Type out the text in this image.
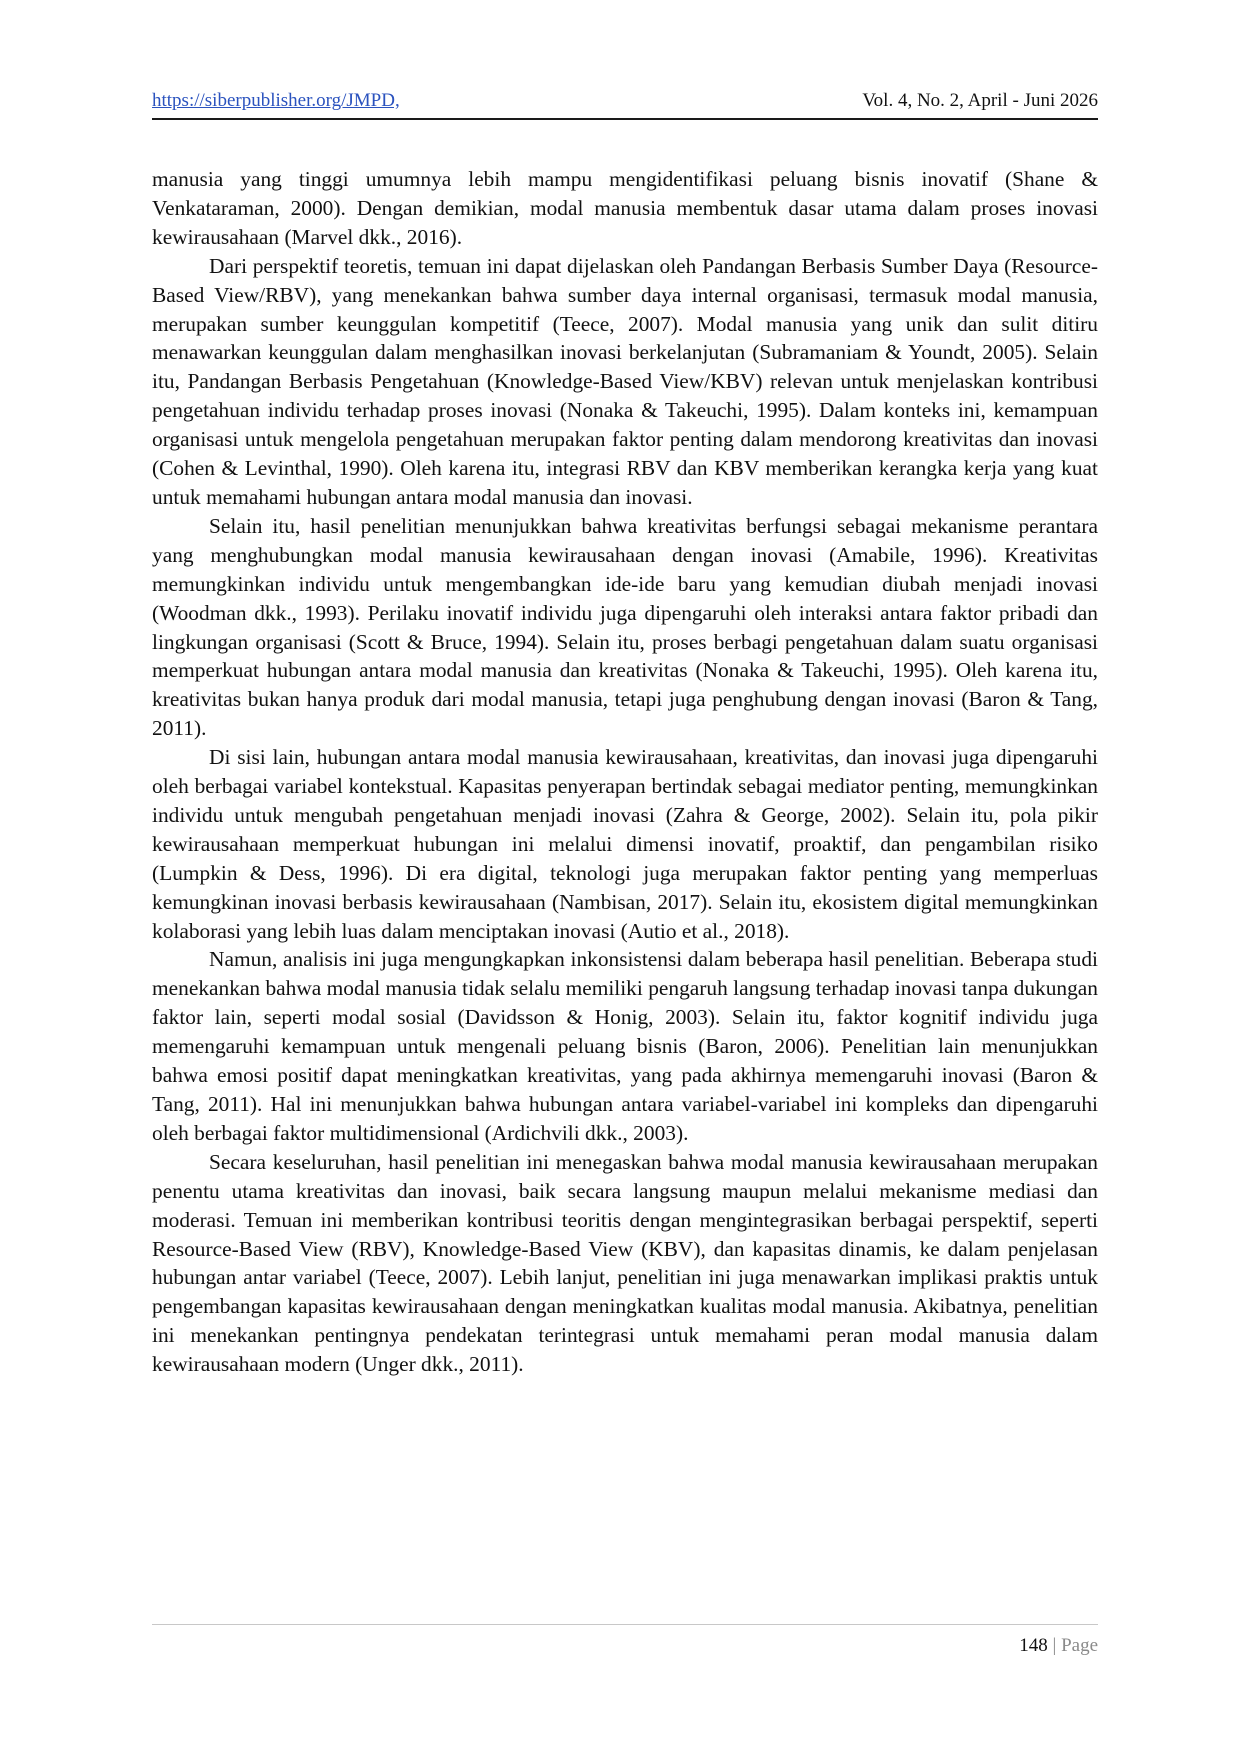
https://siberpublisher.org/JMPD,	Vol. 4, No. 2, April - Juni 2026

manusia yang tinggi umumnya lebih mampu mengidentifikasi peluang bisnis inovatif (Shane & Venkataraman, 2000). Dengan demikian, modal manusia membentuk dasar utama dalam proses inovasi kewirausahaan (Marvel dkk., 2016).

Dari perspektif teoretis, temuan ini dapat dijelaskan oleh Pandangan Berbasis Sumber Daya (Resource-Based View/RBV), yang menekankan bahwa sumber daya internal organisasi, termasuk modal manusia, merupakan sumber keunggulan kompetitif (Teece, 2007). Modal manusia yang unik dan sulit ditiru menawarkan keunggulan dalam menghasilkan inovasi berkelanjutan (Subramaniam & Youndt, 2005). Selain itu, Pandangan Berbasis Pengetahuan (Knowledge-Based View/KBV) relevan untuk menjelaskan kontribusi pengetahuan individu terhadap proses inovasi (Nonaka & Takeuchi, 1995). Dalam konteks ini, kemampuan organisasi untuk mengelola pengetahuan merupakan faktor penting dalam mendorong kreativitas dan inovasi (Cohen & Levinthal, 1990). Oleh karena itu, integrasi RBV dan KBV memberikan kerangka kerja yang kuat untuk memahami hubungan antara modal manusia dan inovasi.

Selain itu, hasil penelitian menunjukkan bahwa kreativitas berfungsi sebagai mekanisme perantara yang menghubungkan modal manusia kewirausahaan dengan inovasi (Amabile, 1996). Kreativitas memungkinkan individu untuk mengembangkan ide-ide baru yang kemudian diubah menjadi inovasi (Woodman dkk., 1993). Perilaku inovatif individu juga dipengaruhi oleh interaksi antara faktor pribadi dan lingkungan organisasi (Scott & Bruce, 1994). Selain itu, proses berbagi pengetahuan dalam suatu organisasi memperkuat hubungan antara modal manusia dan kreativitas (Nonaka & Takeuchi, 1995). Oleh karena itu, kreativitas bukan hanya produk dari modal manusia, tetapi juga penghubung dengan inovasi (Baron & Tang, 2011).

Di sisi lain, hubungan antara modal manusia kewirausahaan, kreativitas, dan inovasi juga dipengaruhi oleh berbagai variabel kontekstual. Kapasitas penyerapan bertindak sebagai mediator penting, memungkinkan individu untuk mengubah pengetahuan menjadi inovasi (Zahra & George, 2002). Selain itu, pola pikir kewirausahaan memperkuat hubungan ini melalui dimensi inovatif, proaktif, dan pengambilan risiko (Lumpkin & Dess, 1996). Di era digital, teknologi juga merupakan faktor penting yang memperluas kemungkinan inovasi berbasis kewirausahaan (Nambisan, 2017). Selain itu, ekosistem digital memungkinkan kolaborasi yang lebih luas dalam menciptakan inovasi (Autio et al., 2018).

Namun, analisis ini juga mengungkapkan inkonsistensi dalam beberapa hasil penelitian. Beberapa studi menekankan bahwa modal manusia tidak selalu memiliki pengaruh langsung terhadap inovasi tanpa dukungan faktor lain, seperti modal sosial (Davidsson & Honig, 2003). Selain itu, faktor kognitif individu juga memengaruhi kemampuan untuk mengenali peluang bisnis (Baron, 2006). Penelitian lain menunjukkan bahwa emosi positif dapat meningkatkan kreativitas, yang pada akhirnya memengaruhi inovasi (Baron & Tang, 2011). Hal ini menunjukkan bahwa hubungan antara variabel-variabel ini kompleks dan dipengaruhi oleh berbagai faktor multidimensional (Ardichvili dkk., 2003).

Secara keseluruhan, hasil penelitian ini menegaskan bahwa modal manusia kewirausahaan merupakan penentu utama kreativitas dan inovasi, baik secara langsung maupun melalui mekanisme mediasi dan moderasi. Temuan ini memberikan kontribusi teoritis dengan mengintegrasikan berbagai perspektif, seperti Resource-Based View (RBV), Knowledge-Based View (KBV), dan kapasitas dinamis, ke dalam penjelasan hubungan antar variabel (Teece, 2007). Lebih lanjut, penelitian ini juga menawarkan implikasi praktis untuk pengembangan kapasitas kewirausahaan dengan meningkatkan kualitas modal manusia. Akibatnya, penelitian ini menekankan pentingnya pendekatan terintegrasi untuk memahami peran modal manusia dalam kewirausahaan modern (Unger dkk., 2011).

148 | Page
